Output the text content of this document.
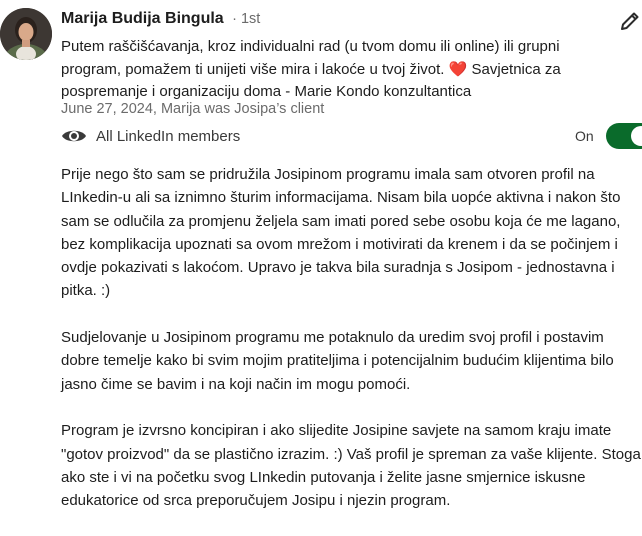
Marija Budija Bingula · 1st
Putem raščišćavanja, kroz individualni rad (u tvom domu ili online) ili grupni program, pomažem ti unijeti više mira i lakoće u tvoj život. ❤️ Savjetnica za pospremanje i organizaciju doma - Marie Kondo konzultantica
June 27, 2024, Marija was Josipa’s client
All LinkedIn members	On

Prije nego što sam se pridružila Josipinom programu imala sam otvoren profil na LInkedin-u ali sa iznimno šturim informacijama. Nisam bila uopće aktivna i nakon što sam se odlučila za promjenu željela sam imati pored sebe osobu koja će me lagano, bez komplikacija upoznati sa ovom mrežom i motivirati da krenem i da se počinjem i ovdje pokazivati s lakoćom. Upravo je takva bila suradnja s Josipom - jednostavna i pitka. :)

Sudjelovanje u Josipinom programu me potaknulo da uredim svoj profil i postavim dobre temelje kako bi svim mojim pratiteljima i potencijalnim budućim klijentima bilo jasno čime se bavim i na koji način im mogu pomoći.

Program je izvrsno koncipiran i ako slijedite Josipine savjete na samom kraju imate "gotov proizvod" da se plastično izrazim. :) Vaš profil je spreman za vaše klijente. Stoga ako ste i vi na početku svog LInkedin putovanja i želite jasne smjernice iskusne edukatorice od srca preporučujem Josipu i njezin program.
